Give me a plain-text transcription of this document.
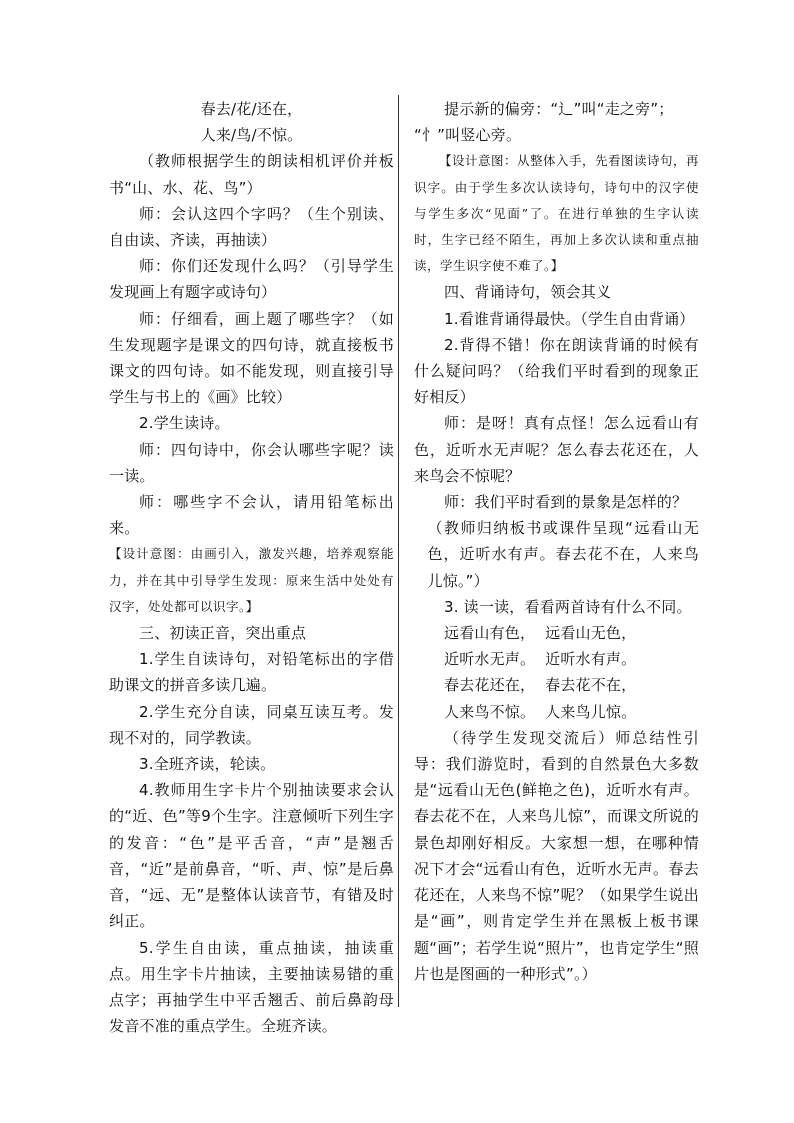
春去/花/还在，

人来/鸟/不惊。

（教师根据学生的朗读相机评价并板书“山、水、花、鸟”）

师：会认这四个字吗？（生个别读、自由读、齐读，再抽读）

师：你们还发现什么吗？（引导学生发现画上有题字或诗句）

师：仔细看，画上题了哪些字？（如生发现题字是课文的四句诗，就直接板书课文的四句诗。如不能发现，则直接引导学生与书上的《画》比较）

2.学生读诗。

师：四句诗中，你会认哪些字呢？读一读。

师：哪些字不会认，请用铅笔标出来。

【设计意图：由画引入，激发兴趣，培养观察能力，并在其中引导学生发现：原来生活中处处有汉字，处处都可以识字。】

三、初读正音，突出重点

1.学生自读诗句，对铅笔标出的字借助课文的拼音多读几遍。

2.学生充分自读，同桌互读互考。发现不对的，同学教读。

3.全班齐读，轮读。

4.教师用生字卡片个别抽读要求会认的“近、色”等9个生字。注意倾听下列生字的发音：“色”是平舌音，“声”是翘舌音，“近”是前鼻音，“听、声、惊”是后鼻音，“远、无”是整体认读音节，有错及时纠正。

5.学生自由读，重点抽读，抽读重点。用生字卡片抽读，主要抽读易错的重点字；再抽学生中平舌翘舌、前后鼻韵母发音不准的重点学生。全班齐读。

提示新的偏旁：“辶”叫“走之旁”；

“忄”叫竖心旁。

【设计意图：从整体入手，先看图读诗句，再识字。由于学生多次认读诗句，诗句中的汉字使与学生多次“见面”了。在进行单独的生字认读时，生字已经不陌生，再加上多次认读和重点抽读，学生识字使不难了。】

四、背诵诗句，领会其义

1.看谁背诵得最快。（学生自由背诵）

2.背得不错！你在朗读背诵的时候有什么疑问吗？（给我们平时看到的现象正好相反）

师：是呀！真有点怪！怎么远看山有色，近听水无声呢？怎么春去花还在，人来鸟会不惊呢？

师：我们平时看到的景象是怎样的？

（教师归纳板书或课件呈现“远看山无色，近听水有声。春去花不在，人来鸟儿惊。”）

3. 读一读，看看两首诗有什么不同。

远看山有色，  远看山无色，

近听水无声。  近听水有声。

春去花还在，  春去花不在，

人来鸟不惊。  人来鸟儿惊。

（待学生发现交流后）师总结性引导：我们游览时，看到的自然景色大多数是“远看山无色(鲜艳之色)，近听水有声。春去花不在，人来鸟儿惊”，而课文所说的景色却刚好相反。大家想一想，在哪种情况下才会“远看山有色，近听水无声。春去花还在，人来鸟不惊”呢？（如果学生说出是“画”，则肯定学生并在黑板上板书课题“画”；若学生说“照片”，也肯定学生“照片也是图画的一种形式”。）
